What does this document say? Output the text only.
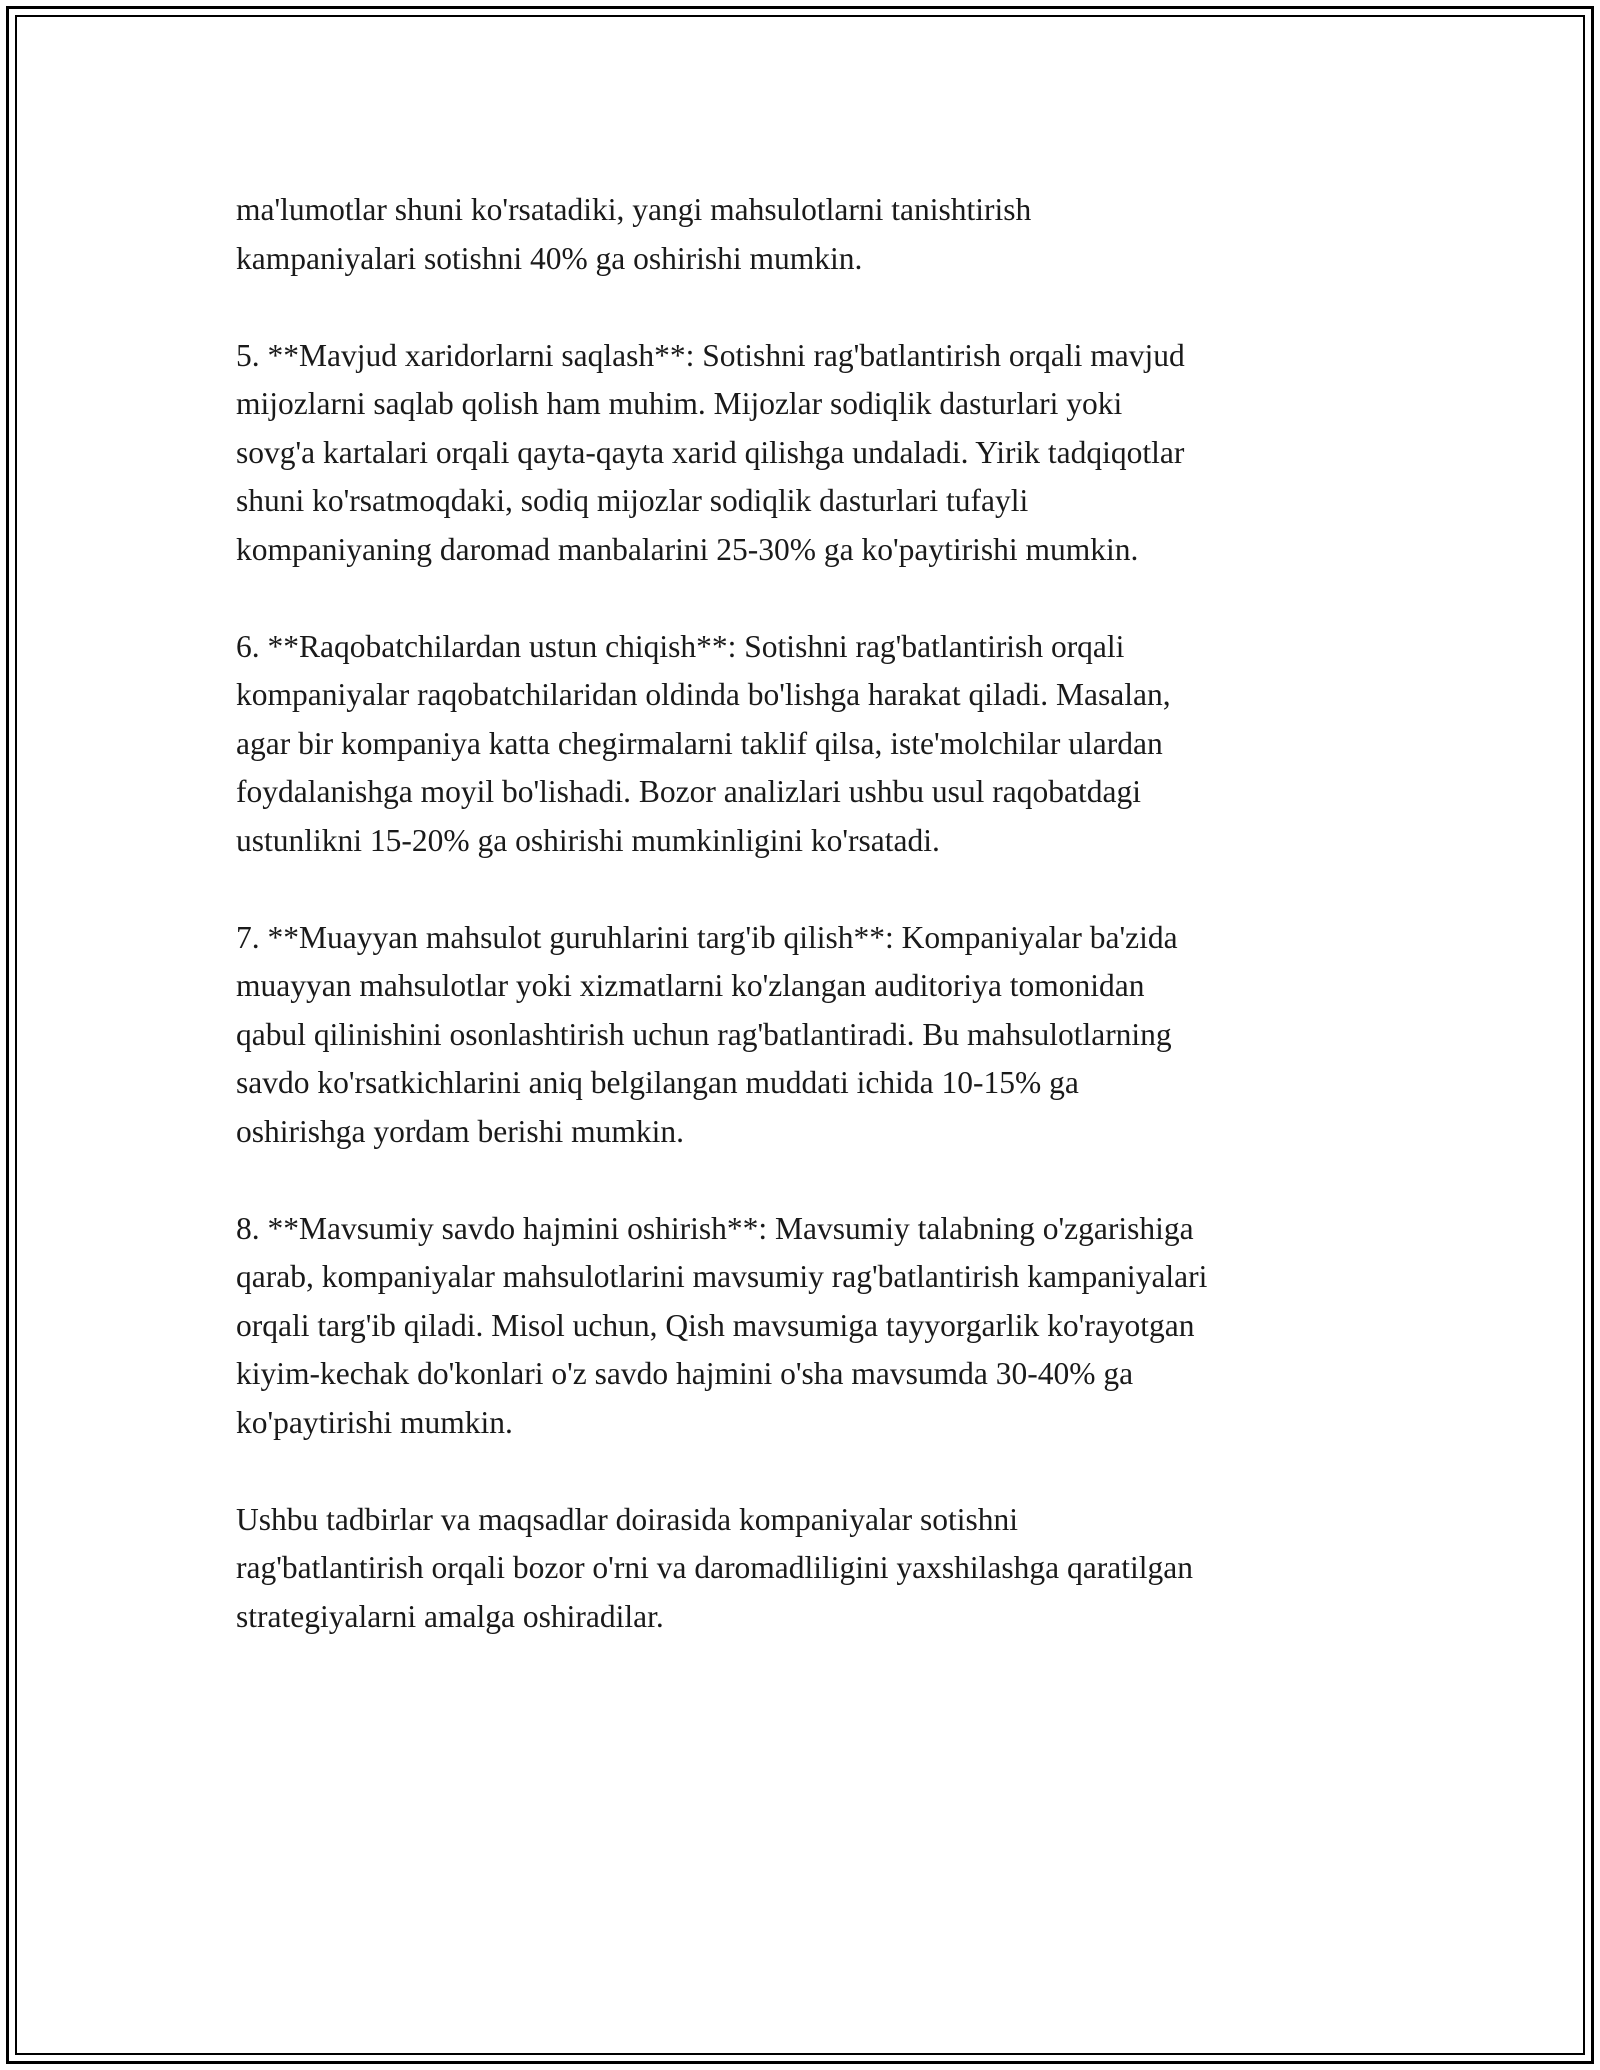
ma'lumotlar shuni ko'rsatadiki, yangi mahsulotlarni tanishtirish
kampaniyalari sotishni 40% ga oshirishi mumkin.

5. **Mavjud xaridorlarni saqlash**: Sotishni rag'batlantirish orqali mavjud
mijozlarni saqlab qolish ham muhim. Mijozlar sodiqlik dasturlari yoki
sovg'a kartalari orqali qayta-qayta xarid qilishga undaladi. Yirik tadqiqotlar
shuni ko'rsatmoqdaki, sodiq mijozlar sodiqlik dasturlari tufayli
kompaniyaning daromad manbalarini 25-30% ga ko'paytirishi mumkin.

6. **Raqobatchilardan ustun chiqish**: Sotishni rag'batlantirish orqali
kompaniyalar raqobatchilaridan oldinda bo'lishga harakat qiladi. Masalan,
agar bir kompaniya katta chegirmalarni taklif qilsa, iste'molchilar ulardan
foydalanishga moyil bo'lishadi. Bozor analizlari ushbu usul raqobatdagi
ustunlikni 15-20% ga oshirishi mumkinligini ko'rsatadi.

7. **Muayyan mahsulot guruhlarini targ'ib qilish**: Kompaniyalar ba'zida
muayyan mahsulotlar yoki xizmatlarni ko'zlangan auditoriya tomonidan
qabul qilinishini osonlashtirish uchun rag'batlantiradi. Bu mahsulotlarning
savdo ko'rsatkichlarini aniq belgilangan muddati ichida 10-15% ga
oshirishga yordam berishi mumkin.

8. **Mavsumiy savdo hajmini oshirish**: Mavsumiy talabning o'zgarishiga
qarab, kompaniyalar mahsulotlarini mavsumiy rag'batlantirish kampaniyalari
orqali targ'ib qiladi. Misol uchun, Qish mavsumiga tayyorgarlik ko'rayotgan
kiyim-kechak do'konlari o'z savdo hajmini o'sha mavsumda 30-40% ga
ko'paytirishi mumkin.

Ushbu tadbirlar va maqsadlar doirasida kompaniyalar sotishni
rag'batlantirish orqali bozor o'rni va daromadliligini yaxshilashga qaratilgan
strategiyalarni amalga oshiradilar.
